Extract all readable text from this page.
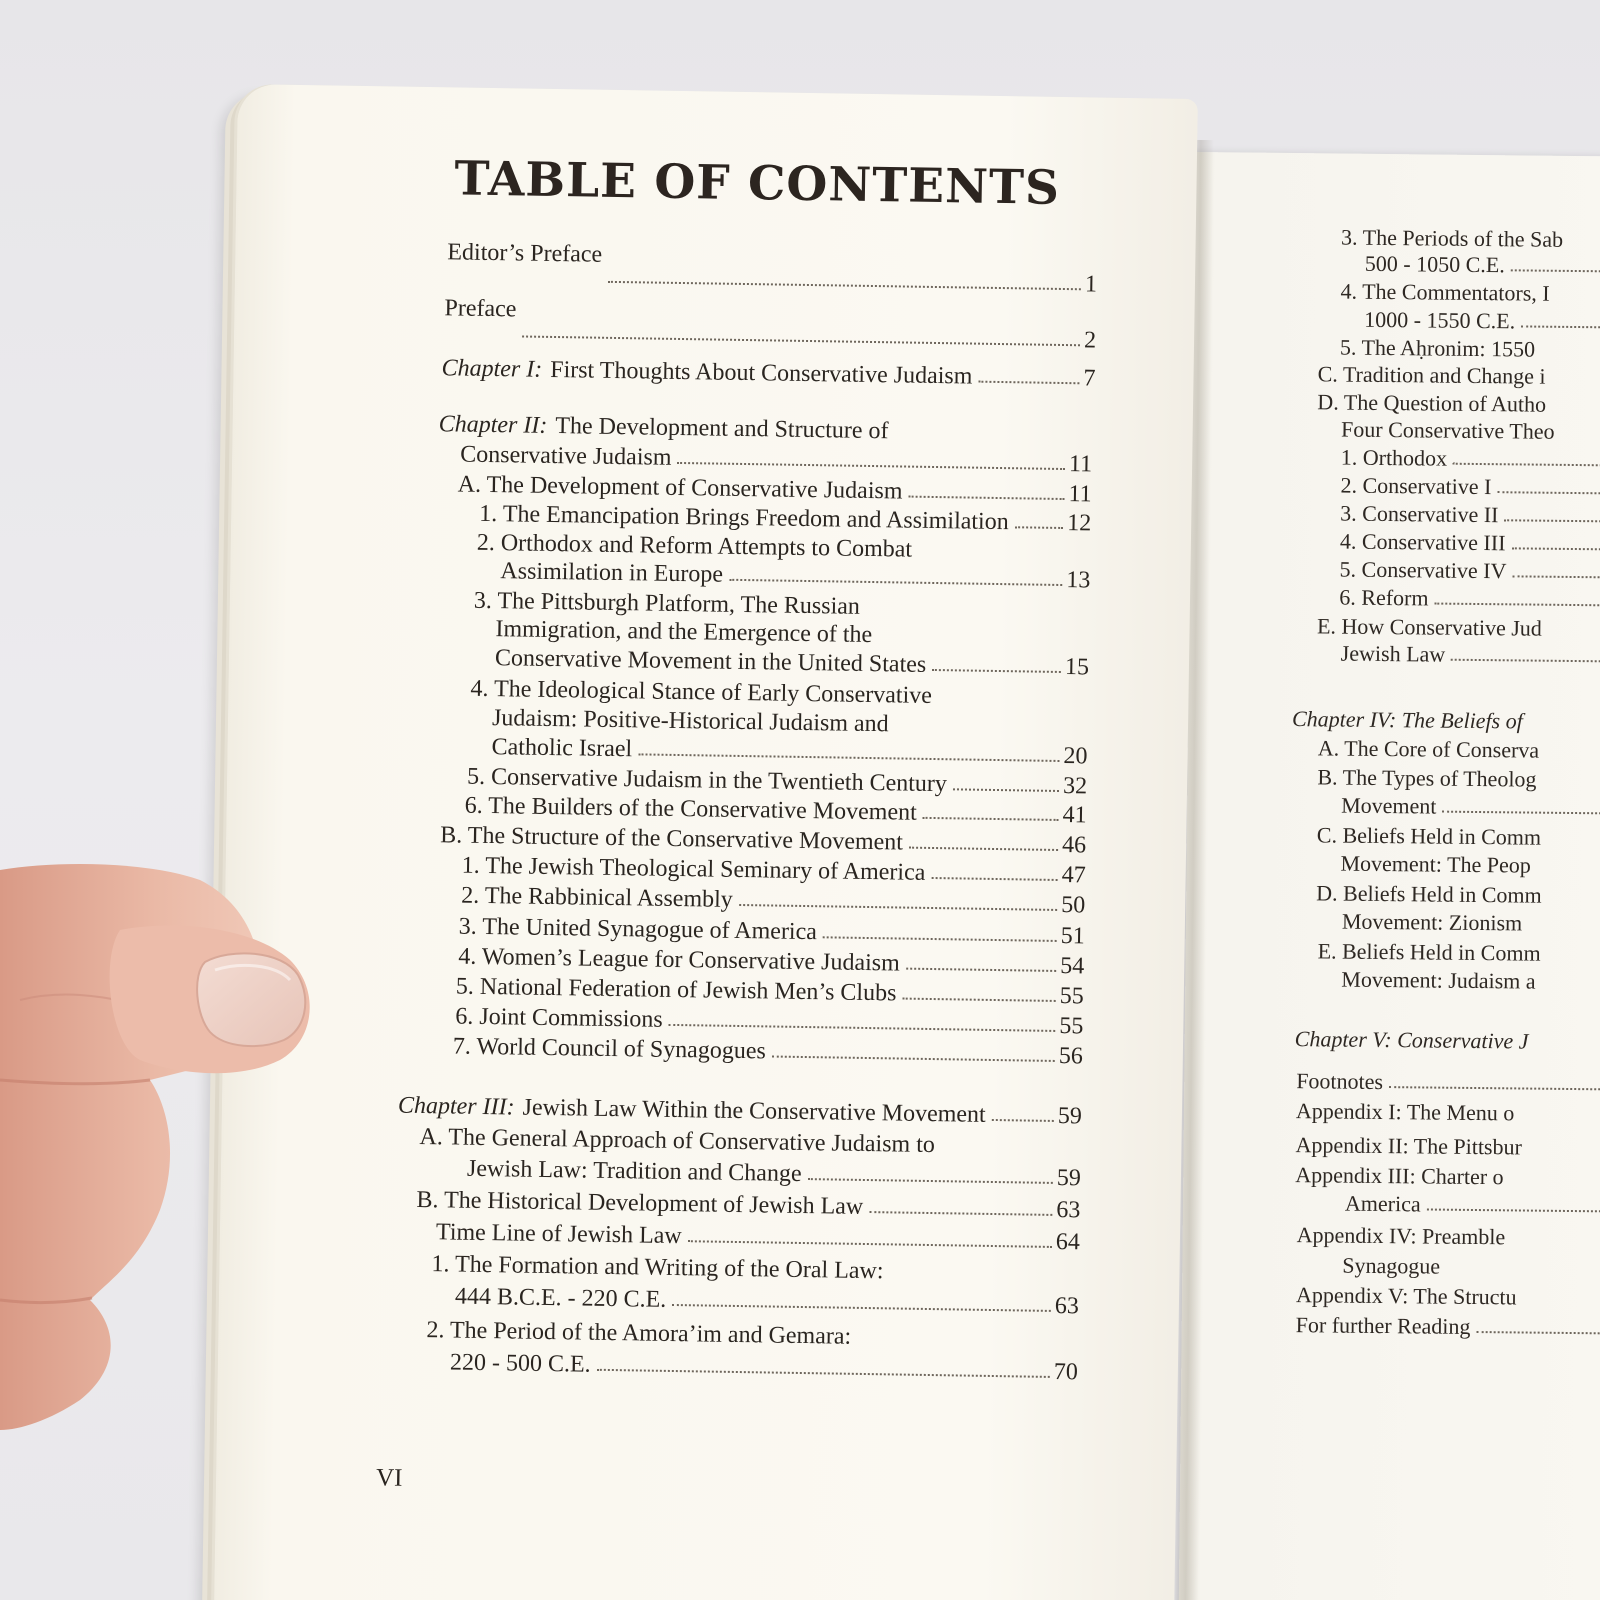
3. The Periods of the Sab
500 - 1050 C.E.
4. The Commentators, I
1000 - 1550 C.E.
5. The Aḥronim: 1550
C. Tradition and Change i
D. The Question of Autho
Four Conservative Theo
1. Orthodox
2. Conservative I
3. Conservative II
4. Conservative III
5. Conservative IV
6. Reform
E. How Conservative Jud
Jewish Law
Chapter IV: The Beliefs of
A. The Core of Conserva
B. The Types of Theolog
Movement
C. Beliefs Held in Comm
Movement: The Peop
D. Beliefs Held in Comm
Movement: Zionism
E. Beliefs Held in Comm
Movement: Judaism a
Chapter V: Conservative J
Footnotes
Appendix I: The Menu o
Appendix II: The Pittsbur
Appendix III: Charter o
America
Appendix IV: Preamble
Synagogue
Appendix V: The Structu
For further Reading
TABLE OF CONTENTS
Editor’s Preface
1
Preface
2
Chapter I: First Thoughts About Conservative Judaism	7
Chapter II: The Development and Structure of
Conservative Judaism	11
A. The Development of Conservative Judaism	11
1. The Emancipation Brings Freedom and Assimilation 12
2. Orthodox and Reform Attempts to Combat
Assimilation in Europe	13
3. The Pittsburgh Platform, The Russian
Immigration, and the Emergence of the
Conservative Movement in the United States	15
4. The Ideological Stance of Early Conservative
Judaism: Positive-Historical Judaism and
Catholic Israel	20
5. Conservative Judaism in the Twentieth Century	32
6. The Builders of the Conservative Movement	41
B. The Structure of the Conservative Movement	46
1. The Jewish Theological Seminary of America	47
2. The Rabbinical Assembly	50
3. The United Synagogue of America	51
4. Women’s League for Conservative Judaism	54
5. National Federation of Jewish Men’s Clubs	55
6. Joint Commissions	55
7. World Council of Synagogues	56
Chapter III: Jewish Law Within the Conservative Movement	59
A. The General Approach of Conservative Judaism to
Jewish Law: Tradition and Change	59
B. The Historical Development of Jewish Law	63
Time Line of Jewish Law	64
1. The Formation and Writing of the Oral Law:
444 B.C.E. - 220 C.E.	63
2. The Period of the Amora’im and Gemara:
220 - 500 C.E.	70
VI
